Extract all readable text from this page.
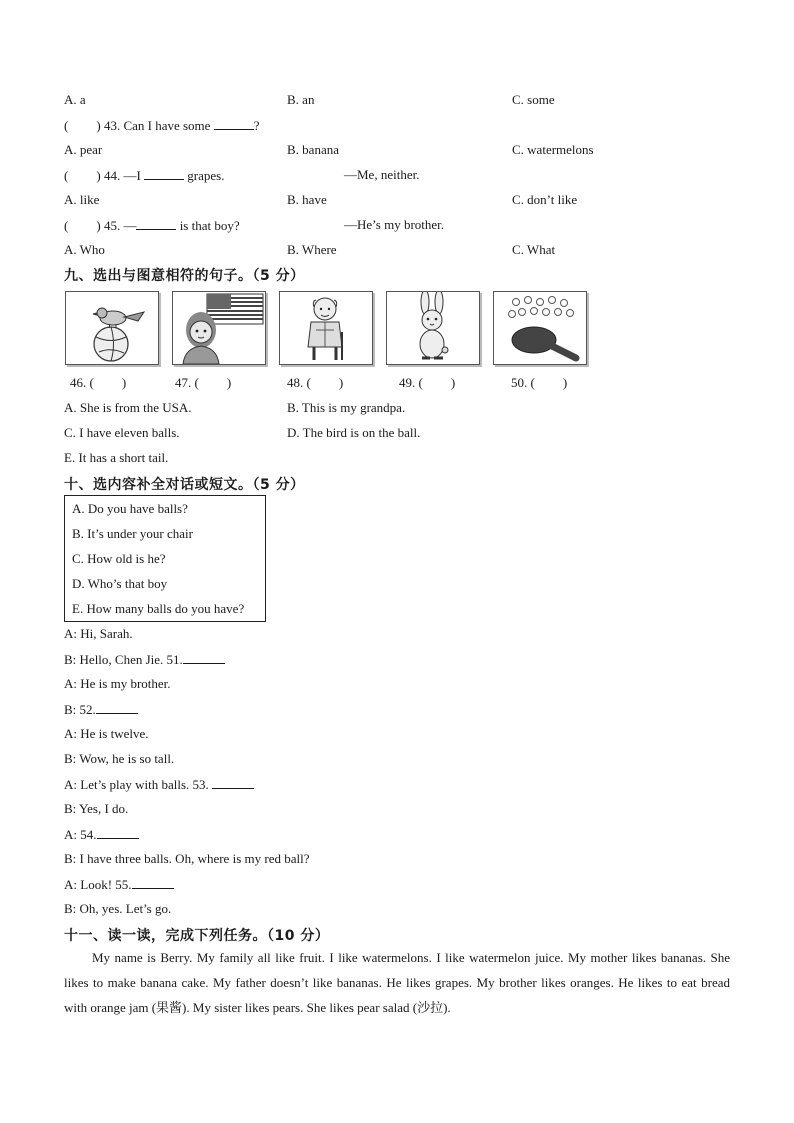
A. a	B. an	C. some
( ) 43. Can I have some	?
A. pear	B. banana	C. watermelons
( ) 44. —I	grapes.	—Me, neither.
A. like	B. have	C. don’t like
( ) 45. —	is that boy?	—He’s my brother.
A. Who	B. Where	C. What
九、选出与图意相符的句子。（5 分）
46. ( )	47. ( )	48. ( )	49. ( )	50. ( )
A. She is from the USA.	B. This is my grandpa.
C. I have eleven balls.	D. The bird is on the ball.
E. It has a short tail.
十、选内容补全对话或短文。（5 分）
A. Do you have balls?
B. It’s under your chair
C. How old is he?
D. Who’s that boy
E. How many balls do you have?
A: Hi, Sarah.
B: Hello, Chen Jie. 51.
A: He is my brother.
B: 52.
A: He is twelve.
B: Wow, he is so tall.
A: Let’s play with balls. 53.
B: Yes, I do.
A: 54.
B: I have three balls. Oh, where is my red ball?
A: Look! 55.
B: Oh, yes. Let’s go.
十一、读一读，完成下列任务。（10 分）
My name is Berry. My family all like fruit. I like watermelons. I like watermelon juice. My mother likes bananas. She likes to make banana cake. My father doesn’t like bananas. He likes grapes. My brother likes oranges. He likes to eat bread with orange jam (果酱). My sister likes pears. She likes pear salad (沙拉).
